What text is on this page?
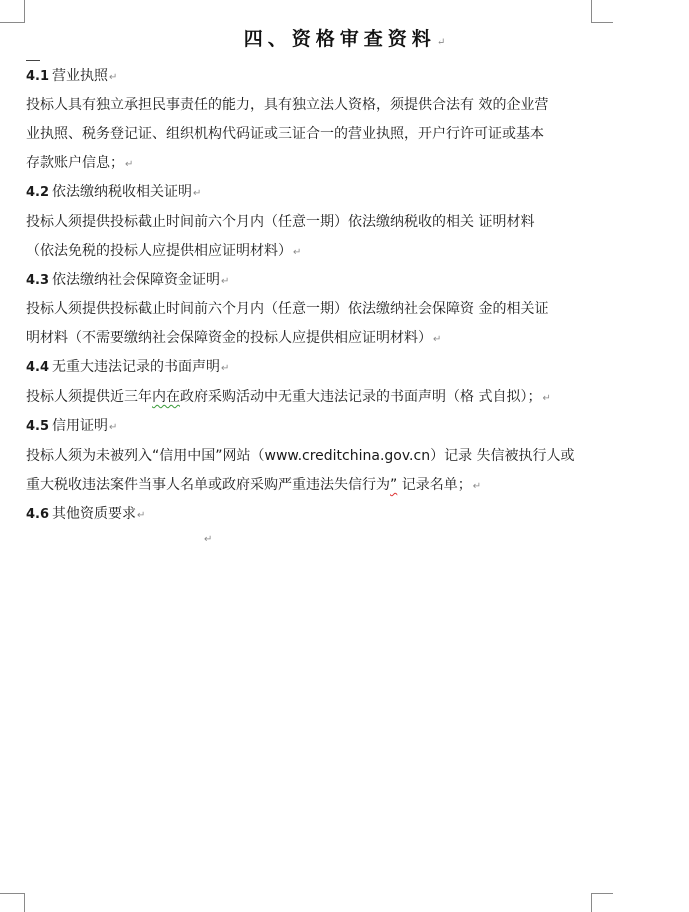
四、资格审查资料↵
4.1 营业执照↵
投标人具有独立承担民事责任的能力，具有独立法人资格，须提供合法有 效的企业营
业执照、税务登记证、组织机构代码证或三证合一的营业执照，开户行许可证或基本
存款账户信息；↵
4.2 依法缴纳税收相关证明↵
投标人须提供投标截止时间前六个月内（任意一期）依法缴纳税收的相关 证明材料
（依法免税的投标人应提供相应证明材料）↵
4.3 依法缴纳社会保障资金证明↵
投标人须提供投标截止时间前六个月内（任意一期）依法缴纳社会保障资 金的相关证
明材料（不需要缴纳社会保障资金的投标人应提供相应证明材料）↵
4.4 无重大违法记录的书面声明↵
投标人须提供近三年内在政府采购活动中无重大违法记录的书面声明（格 式自拟）；↵
4.5 信用证明↵
投标人须为未被列入“信用中国”网站（www.creditchina.gov.cn）记录 失信被执行人或
重大税收违法案件当事人名单或政府采购严重违法失信行为” 记录名单；↵
4.6 其他资质要求↵
↵
